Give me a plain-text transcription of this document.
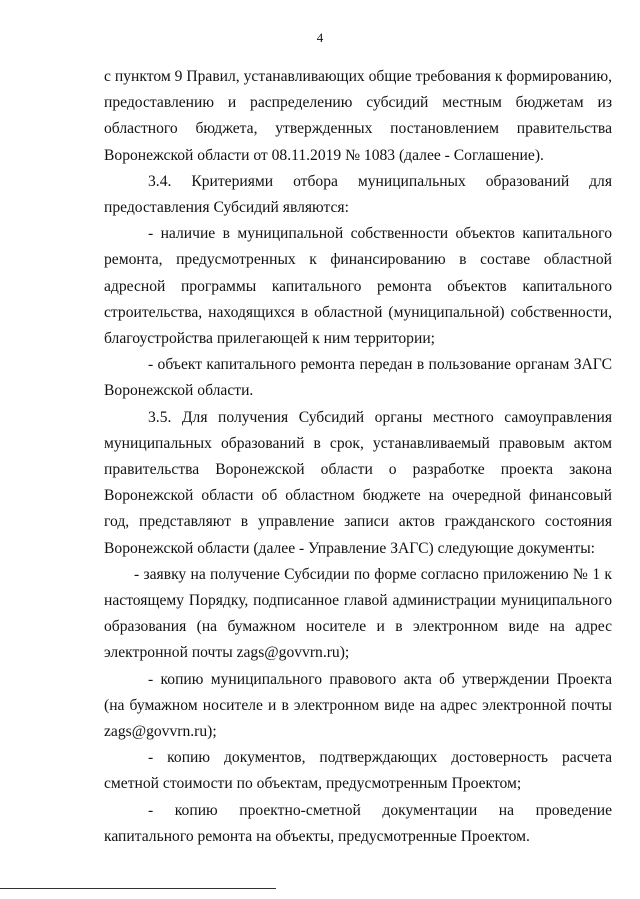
4

с пунктом 9 Правил, устанавливающих общие требования к формированию, предоставлению и распределению субсидий местным бюджетам из областного бюджета, утвержденных постановлением правительства Воронежской области от 08.11.2019 № 1083 (далее - Соглашение).

3.4. Критериями отбора муниципальных образований для предоставления Субсидий являются:

- наличие в муниципальной собственности объектов капитального ремонта, предусмотренных к финансированию в составе областной адресной программы капитального ремонта объектов капитального строительства, находящихся в областной (муниципальной) собственности, благоустройства прилегающей к ним территории;

- объект капитального ремонта передан в пользование органам ЗАГС Воронежской области.

3.5. Для получения Субсидий органы местного самоуправления муниципальных образований в срок, устанавливаемый правовым актом правительства Воронежской области о разработке проекта закона Воронежской области об областном бюджете на очередной финансовый год, представляют в управление записи актов гражданского состояния Воронежской области (далее - Управление ЗАГС) следующие документы:

- заявку на получение Субсидии по форме согласно приложению № 1 к настоящему Порядку, подписанное главой администрации муниципального образования (на бумажном носителе и в электронном виде на адрес электронной почты zags@govvrn.ru);

- копию муниципального правового акта об утверждении Проекта (на бумажном носителе и в электронном виде на адрес электронной почты zags@govvrn.ru);

- копию документов, подтверждающих достоверность расчета сметной стоимости по объектам, предусмотренным Проектом;

- копию проектно-сметной документации на проведение капитального ремонта на объекты, предусмотренные Проектом.
